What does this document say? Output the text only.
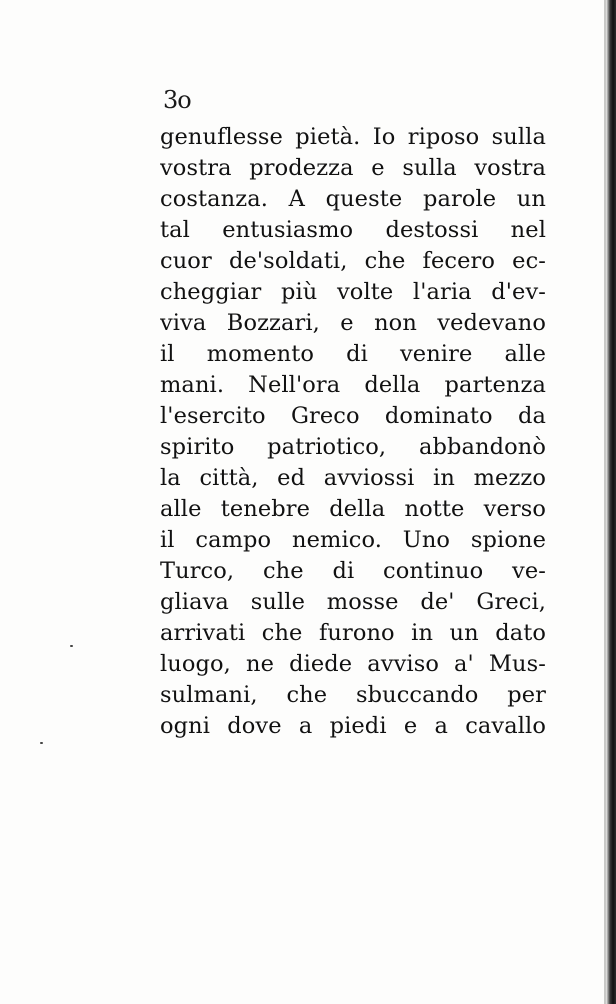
3o
genuflesse pietà. Io riposo sulla
vostra prodezza e sulla vostra
costanza. A queste parole un
tal entusiasmo destossi nel
cuor de'soldati, che fecero ec-
cheggiar più volte l'aria d'ev-
viva Bozzari, e non vedevano
il momento di venire alle
mani. Nell'ora della partenza
l'esercito Greco dominato da
spirito patriotico, abbandonò
la città, ed avviossi in mezzo
alle tenebre della notte verso
il campo nemico. Uno spione
Turco, che di continuo ve-
gliava sulle mosse de' Greci,
arrivati che furono in un dato
luogo, ne diede avviso a' Mus-
sulmani, che sbuccando per
ogni dove a piedi e a cavallo
